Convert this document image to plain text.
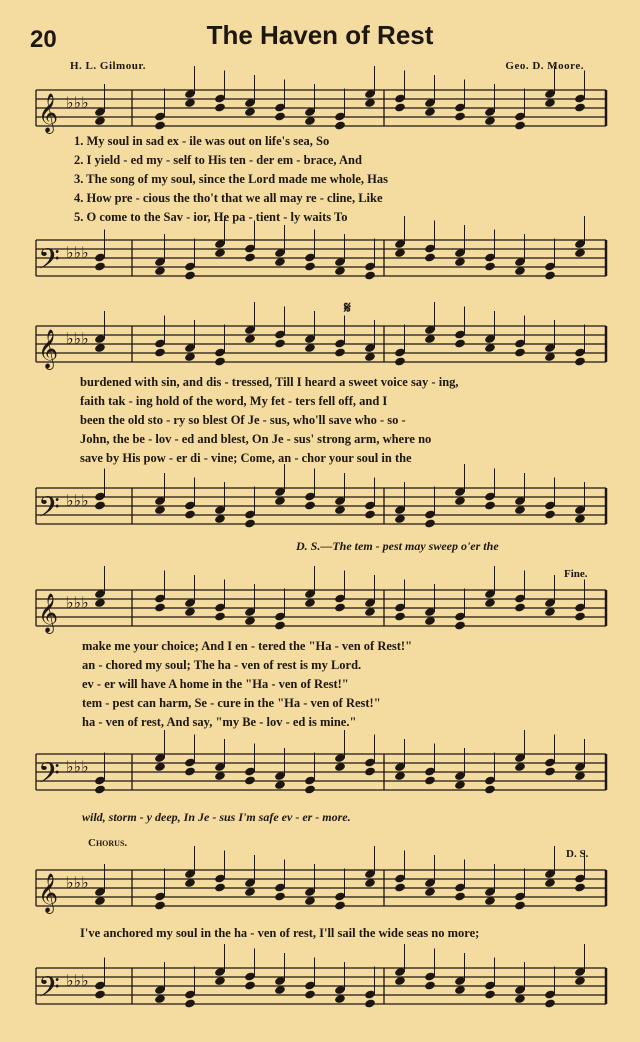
20	The Haven of Rest
H. L. Gilmour.	Geo. D. Moore.
𝄞 ♭♭♭
𝄢 ♭♭♭
1. My soul in sad ex - ile was out on life's sea, So
2. I yield - ed my - self to His ten - der em - brace, And
3. The song of my soul, since the Lord made me whole, Has
4. How pre - cious the tho't that we all may re - cline, Like
5. O come to the Sav - ior, He pa - tient - ly waits To
𝄋
𝄞 ♭♭♭
𝄢 ♭♭♭
burdened with sin, and dis - tressed, Till I heard a sweet voice say - ing,
faith tak - ing hold of the word, My fet - ters fell off, and I
been the old sto - ry so blest Of Je - sus, who'll save who - so -
John, the be - lov - ed and blest, On Je - sus' strong arm, where no
save by His pow - er di - vine; Come, an - chor your soul in the
D. S.—The tem - pest may sweep o'er the
Fine.
𝄞 ♭♭♭
𝄢 ♭♭♭
make me your choice; And I en - tered the "Ha - ven of Rest!"
an - chored my soul; The ha - ven of rest is my Lord.
ev - er will have A home in the "Ha - ven of Rest!"
tem - pest can harm, Se - cure in the "Ha - ven of Rest!"
ha - ven of rest, And say, "my Be - lov - ed is mine."
wild, storm - y deep, In Je - sus I'm safe ev - er - more.
Chorus.
D. S.
𝄞 ♭♭♭
I've anchored my soul in the ha - ven of rest, I'll sail the wide seas no more;
𝄢 ♭♭♭
